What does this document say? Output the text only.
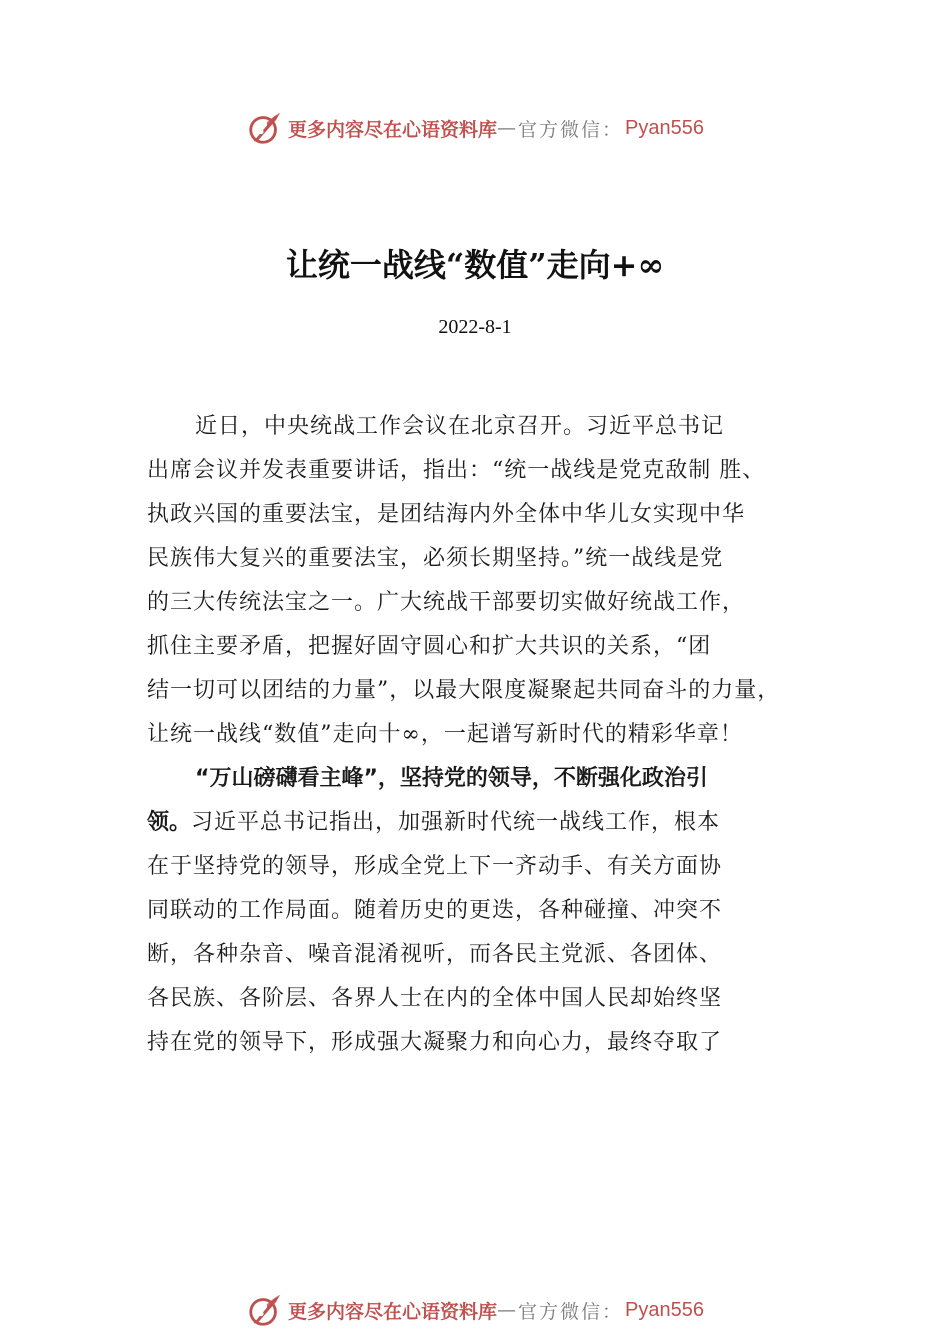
更多内容尽在心语资料库 — 官方微信： Pyan556
让统一战线“数值”走向+∞
2022-8-1
近日，中央统战工作会议在北京召开。习近平总书记
出席会议并发表重要讲话，指出：“统一战线是党克敌制 胜、
执政兴国的重要法宝，是团结海内外全体中华儿女实现中华
民族伟大复兴的重要法宝，必须长期坚持。”统一战线是党
的三大传统法宝之一。广大统战干部要切实做好统战工作，
抓住主要矛盾，把握好固守圆心和扩大共识的关系，“团
结一切可以团结的力量”，以最大限度凝聚起共同奋斗的力量，
让统一战线“数值”走向十∞，一起谱写新时代的精彩华章！
“万山磅礴看主峰”，坚持党的领导，不断强化政治引
领。习近平总书记指出，加强新时代统一战线工作，根本
在于坚持党的领导，形成全党上下一齐动手、有关方面协
同联动的工作局面。随着历史的更迭，各种碰撞、冲突不
断，各种杂音、噪音混淆视听，而各民主党派、各团体、
各民族、各阶层、各界人士在内的全体中国人民却始终坚
持在党的领导下，形成强大凝聚力和向心力，最终夺取了
更多内容尽在心语资料库 — 官方微信： Pyan556
